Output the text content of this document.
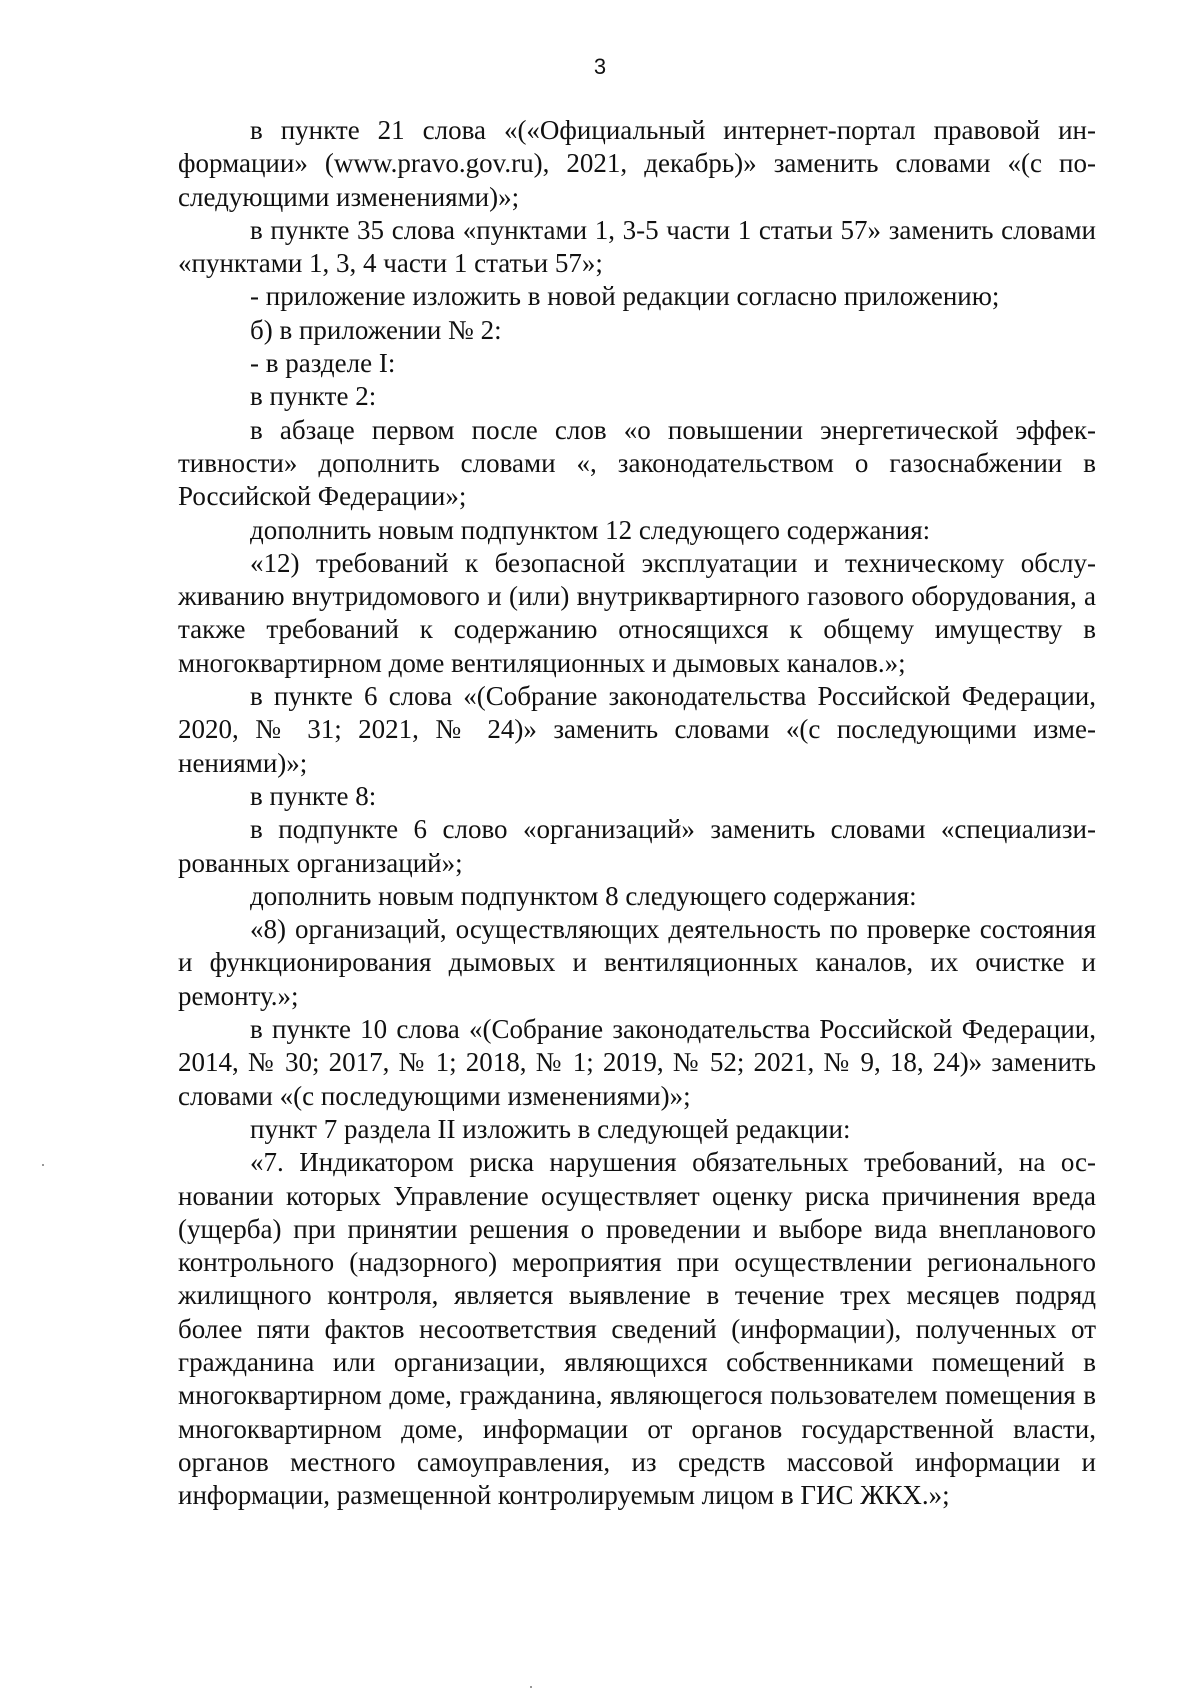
3

в пункте 21 слова «(«Официальный интернет-портал правовой информации» (www.pravo.gov.ru), 2021, декабрь)» заменить словами «(с последующими изменениями)»;

в пункте 35 слова «пунктами 1, 3-5 части 1 статьи 57» заменить словами «пунктами 1, 3, 4 части 1 статьи 57»;

- приложение изложить в новой редакции согласно приложению;

б) в приложении № 2:

- в разделе I:

в пункте 2:

в абзаце первом после слов «о повышении энергетической эффективности» дополнить словами «, законодательством о газоснабжении в Российской Федерации»;

дополнить новым подпунктом 12 следующего содержания:

«12) требований к безопасной эксплуатации и техническому обслуживанию внутридомового и (или) внутриквартирного газового оборудования, а также требований к содержанию относящихся к общему имуществу в многоквартирном доме вентиляционных и дымовых каналов.»;

в пункте 6 слова «(Собрание законодательства Российской Федерации, 2020, № 31; 2021, № 24)» заменить словами «(с последующими изменениями)»;

в пункте 8:

в подпункте 6 слово «организаций» заменить словами «специализированных организаций»;

дополнить новым подпунктом 8 следующего содержания:

«8) организаций, осуществляющих деятельность по проверке состояния и функционирования дымовых и вентиляционных каналов, их очистке и ремонту.»;

в пункте 10 слова «(Собрание законодательства Российской Федерации, 2014, № 30; 2017, № 1; 2018, № 1; 2019, № 52; 2021, № 9, 18, 24)» заменить словами «(с последующими изменениями)»;

пункт 7 раздела II изложить в следующей редакции:

«7. Индикатором риска нарушения обязательных требований, на основании которых Управление осуществляет оценку риска причинения вреда (ущерба) при принятии решения о проведении и выборе вида внепланового контрольного (надзорного) мероприятия при осуществлении регионального жилищного контроля, является выявление в течение трех месяцев подряд более пяти фактов несоответствия сведений (информации), полученных от гражданина или организации, являющихся собственниками помещений в многоквартирном доме, гражданина, являющегося пользователем помещения в многоквартирном доме, информации от органов государственной власти, органов местного самоуправления, из средств массовой информации и информации, размещенной контролируемым лицом в ГИС ЖКХ.»;
